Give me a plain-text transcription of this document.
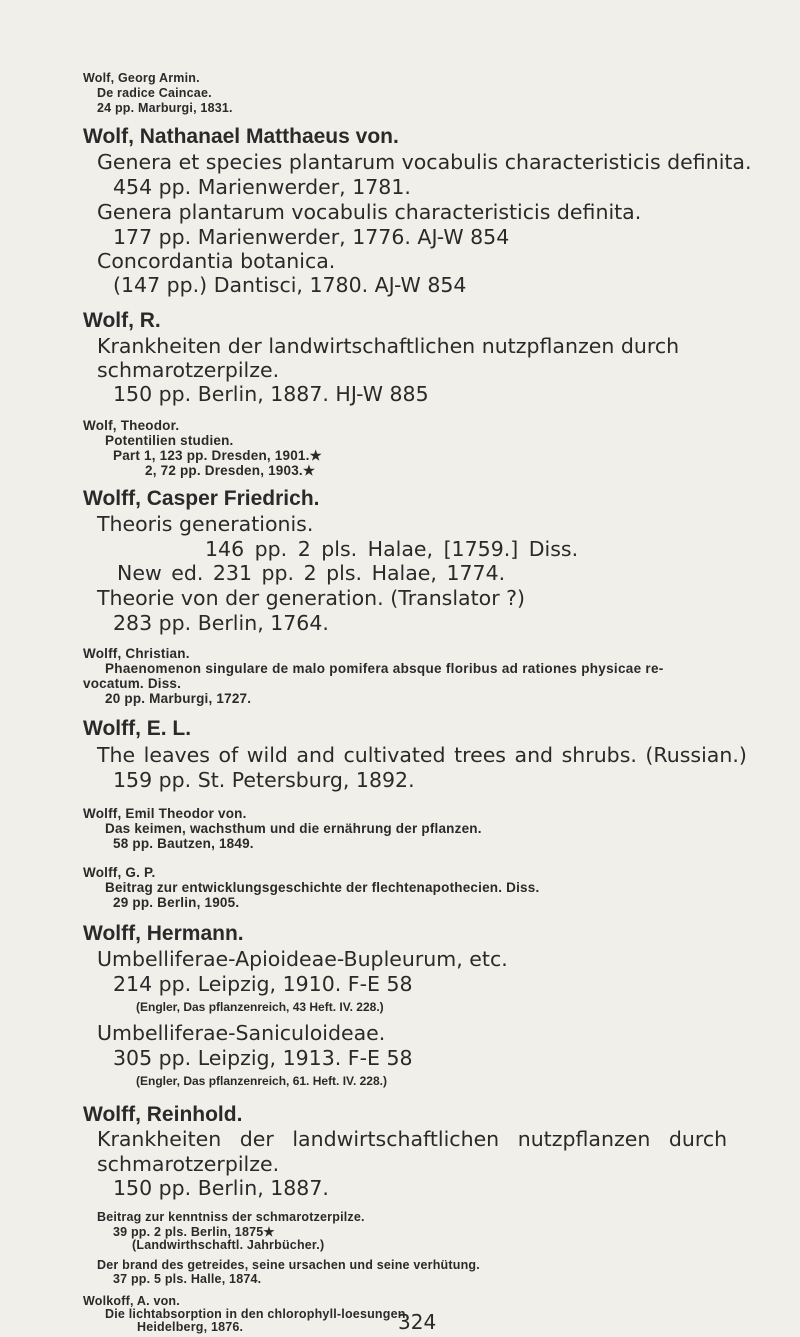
Wolf, Georg Armin.
De radice Caincae.
24 pp. Marburgi, 1831.
Wolf, Nathanael Matthaeus von.
Genera et species plantarum vocabulis characteristicis definita.
454 pp. Marienwerder, 1781.
Genera plantarum vocabulis characteristicis definita.
177 pp. Marienwerder, 1776. AJ-W 854
Concordantia botanica.
(147 pp.) Dantisci, 1780. AJ-W 854
Wolf, R.
Krankheiten der landwirtschaftlichen nutzpflanzen durch
schmarotzerpilze.
150 pp. Berlin, 1887. HJ-W 885
Wolf, Theodor.
Potentilien studien.
Part 1, 123 pp. Dresden, 1901.★
2, 72 pp. Dresden, 1903.★
Wolff, Casper Friedrich.
Theoris generationis.
146 pp. 2 pls. Halae, [1759.] Diss.
New ed. 231 pp. 2 pls. Halae, 1774.
Theorie von der generation. (Translator ?)
283 pp. Berlin, 1764.
Wolff, Christian.
Phaenomenon singulare de malo pomifera absque floribus ad rationes physicae re-
vocatum. Diss.
20 pp. Marburgi, 1727.
Wolff, E. L.
The leaves of wild and cultivated trees and shrubs. (Russian.)
159 pp. St. Petersburg, 1892.
Wolff, Emil Theodor von.
Das keimen, wachsthum und die ernährung der pflanzen.
58 pp. Bautzen, 1849.
Wolff, G. P.
Beitrag zur entwicklungsgeschichte der flechtenapothecien. Diss.
29 pp. Berlin, 1905.
Wolff, Hermann.
Umbelliferae-Apioideae-Bupleurum, etc.
214 pp. Leipzig, 1910. F-E 58
(Engler, Das pflanzenreich, 43 Heft. IV. 228.)
Umbelliferae-Saniculoideae.
305 pp. Leipzig, 1913. F-E 58
(Engler, Das pflanzenreich, 61. Heft. IV. 228.)
Wolff, Reinhold.
Krankheiten der landwirtschaftlichen nutzpflanzen durch
schmarotzerpilze.
150 pp. Berlin, 1887.
Beitrag zur kenntniss der schmarotzerpilze.
39 pp. 2 pls. Berlin, 1875★
(Landwirthschaftl. Jahrbücher.)
Der brand des getreides, seine ursachen und seine verhütung.
37 pp. 5 pls. Halle, 1874.
Wolkoff, A. von.
Die lichtabsorption in den chlorophyll-loesungen.
Heidelberg, 1876.	324
